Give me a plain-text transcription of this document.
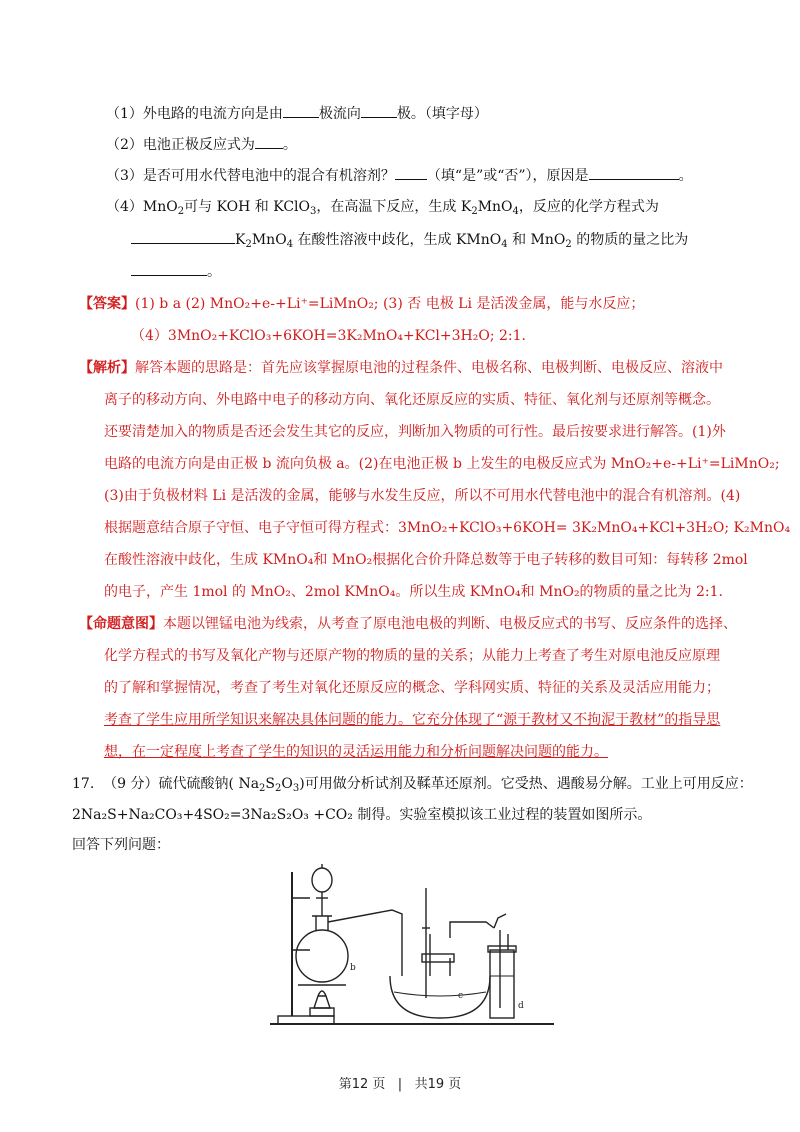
（1）外电路的电流方向是由	极流向	极。（填字母）
（2）电池正极反应式为 。
（3）是否可用水代替电池中的混合有机溶剂？ （填“是”或“否”），原因是	。
（4）MnO$_2$可与 KOH 和 KClO$_3$，在高温下反应，生成 $K_2MnO_4$，反应的化学方程式为
$K_2MnO_4$ 在酸性溶液中歧化，生成 KMnO$_4$ 和 MnO$_2$ 的物质的量之比为
。
【答案】(1) b a (2) MnO₂+e-+Li⁺=LiMnO₂; (3) 否 电极 Li 是活泼金属，能与水反应；
（4）3MnO₂+KClO₃+6KOH=3K₂MnO₄+KCl+3H₂O; 2:1.
【解析】解答本题的思路是：首先应该掌握原电池的过程条件、电极名称、电极判断、电极反应、溶液中
离子的移动方向、外电路中电子的移动方向、氧化还原反应的实质、特征、氧化剂与还原剂等概念。
还要清楚加入的物质是否还会发生其它的反应，判断加入物质的可行性。最后按要求进行解答。(1)外
电路的电流方向是由正极 b 流向负极 a。(2)在电池正极 b 上发生的电极反应式为 MnO₂+e-+Li⁺=LiMnO₂;
(3)由于负极材料 Li 是活泼的金属，能够与水发生反应，所以不可用水代替电池中的混合有机溶剂。(4)
根据题意结合原子守恒、电子守恒可得方程式：3MnO₂+KClO₃+6KOH= 3K₂MnO₄+KCl+3H₂O; K₂MnO₄
在酸性溶液中歧化，生成 KMnO₄和 MnO₂根据化合价升降总数等于电子转移的数目可知：每转移 2mol
的电子，产生 1mol 的 MnO₂、2mol KMnO₄。所以生成 KMnO₄和 MnO₂的物质的量之比为 2:1.
【命题意图】本题以锂锰电池为线索，从考查了原电池电极的判断、电极反应式的书写、反应条件的选择、
化学方程式的书写及氧化产物与还原产物的物质的量的关系；从能力上考查了考生对原电池反应原理
的了解和掌握情况，考查了考生对氧化还原反应的概念、学科网实质、特征的关系及灵活应用能力；
考查了学生应用所学知识来解决具体问题的能力。它充分体现了“源于教材又不拘泥于教材”的指导思
想，在一定程度上考查了学生的知识的灵活运用能力和分析问题解决问题的能力。
17. （9 分）硫代硫酸钠( $Na_2S_2O_3$)可用做分析试剂及鞣革还原剂。它受热、遇酸易分解。工业上可用反应：
2Na₂S+Na₂CO₃+4SO₂=3Na₂S₂O₃ +CO₂ 制得。实验室模拟该工业过程的装置如图所示。
回答下列问题：
b
c
d
第12 页 | 共19 页
